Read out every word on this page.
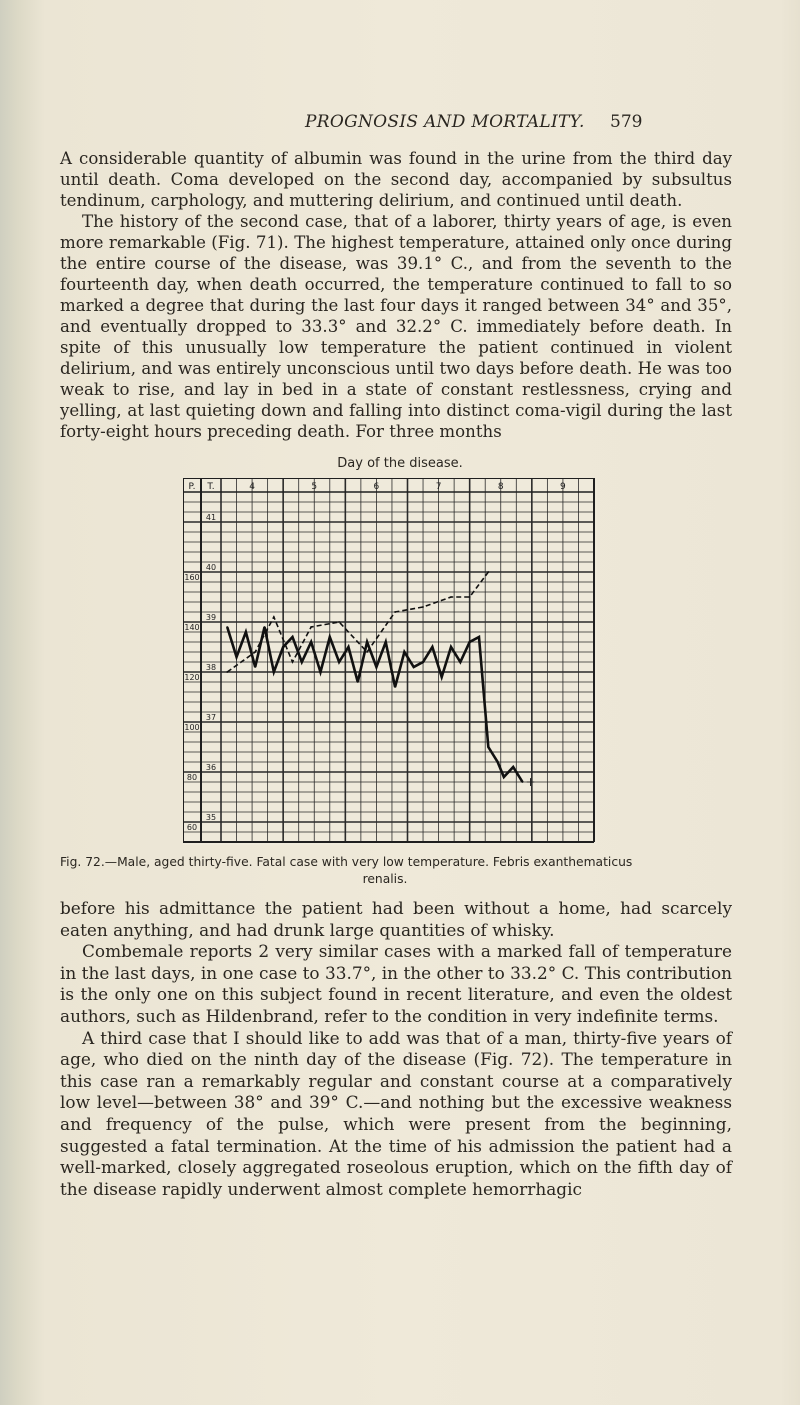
PROGNOSIS AND MORTALITY. 579

A considerable quantity of albumin was found in the urine from the third day until death. Coma developed on the second day, accompanied by subsultus tendinum, carphology, and muttering delirium, and continued until death.

The history of the second case, that of a laborer, thirty years of age, is even more remarkable (Fig. 71). The highest temperature, attained only once during the entire course of the disease, was 39.1° C., and from the seventh to the fourteenth day, when death occurred, the temperature continued to fall to so marked a degree that during the last four days it ranged between 34° and 35°, and eventually dropped to 33.3° and 32.2° C. immediately before death. In spite of this unusually low temperature the patient continued in violent delirium, and was entirely unconscious until two days before death. He was too weak to rise, and lay in bed in a state of constant restlessness, crying and yelling, at last quieting down and falling into distinct coma-vigil during the last forty-eight hours preceding death. For three months

Day of the disease.
P. T.	4	5	6	7	8	9
41
40
39
38
37
36
35
160
140
120
100
80
60
+
Fig. 72.—Male, aged thirty-five. Fatal case with very low temperature. Febris exanthematicus
renalis.

before his admittance the patient had been without a home, had scarcely eaten anything, and had drunk large quantities of whisky.

Combemale reports 2 very similar cases with a marked fall of temperature in the last days, in one case to 33.7°, in the other to 33.2° C. This contribution is the only one on this subject found in recent literature, and even the oldest authors, such as Hildenbrand, refer to the condition in very indefinite terms.

A third case that I should like to add was that of a man, thirty-five years of age, who died on the ninth day of the disease (Fig. 72). The temperature in this case ran a remarkably regular and constant course at a comparatively low level—between 38° and 39° C.—and nothing but the excessive weakness and frequency of the pulse, which were present from the beginning, suggested a fatal termination. At the time of his admission the patient had a well-marked, closely aggregated roseolous eruption, which on the fifth day of the disease rapidly underwent almost complete hemorrhagic
